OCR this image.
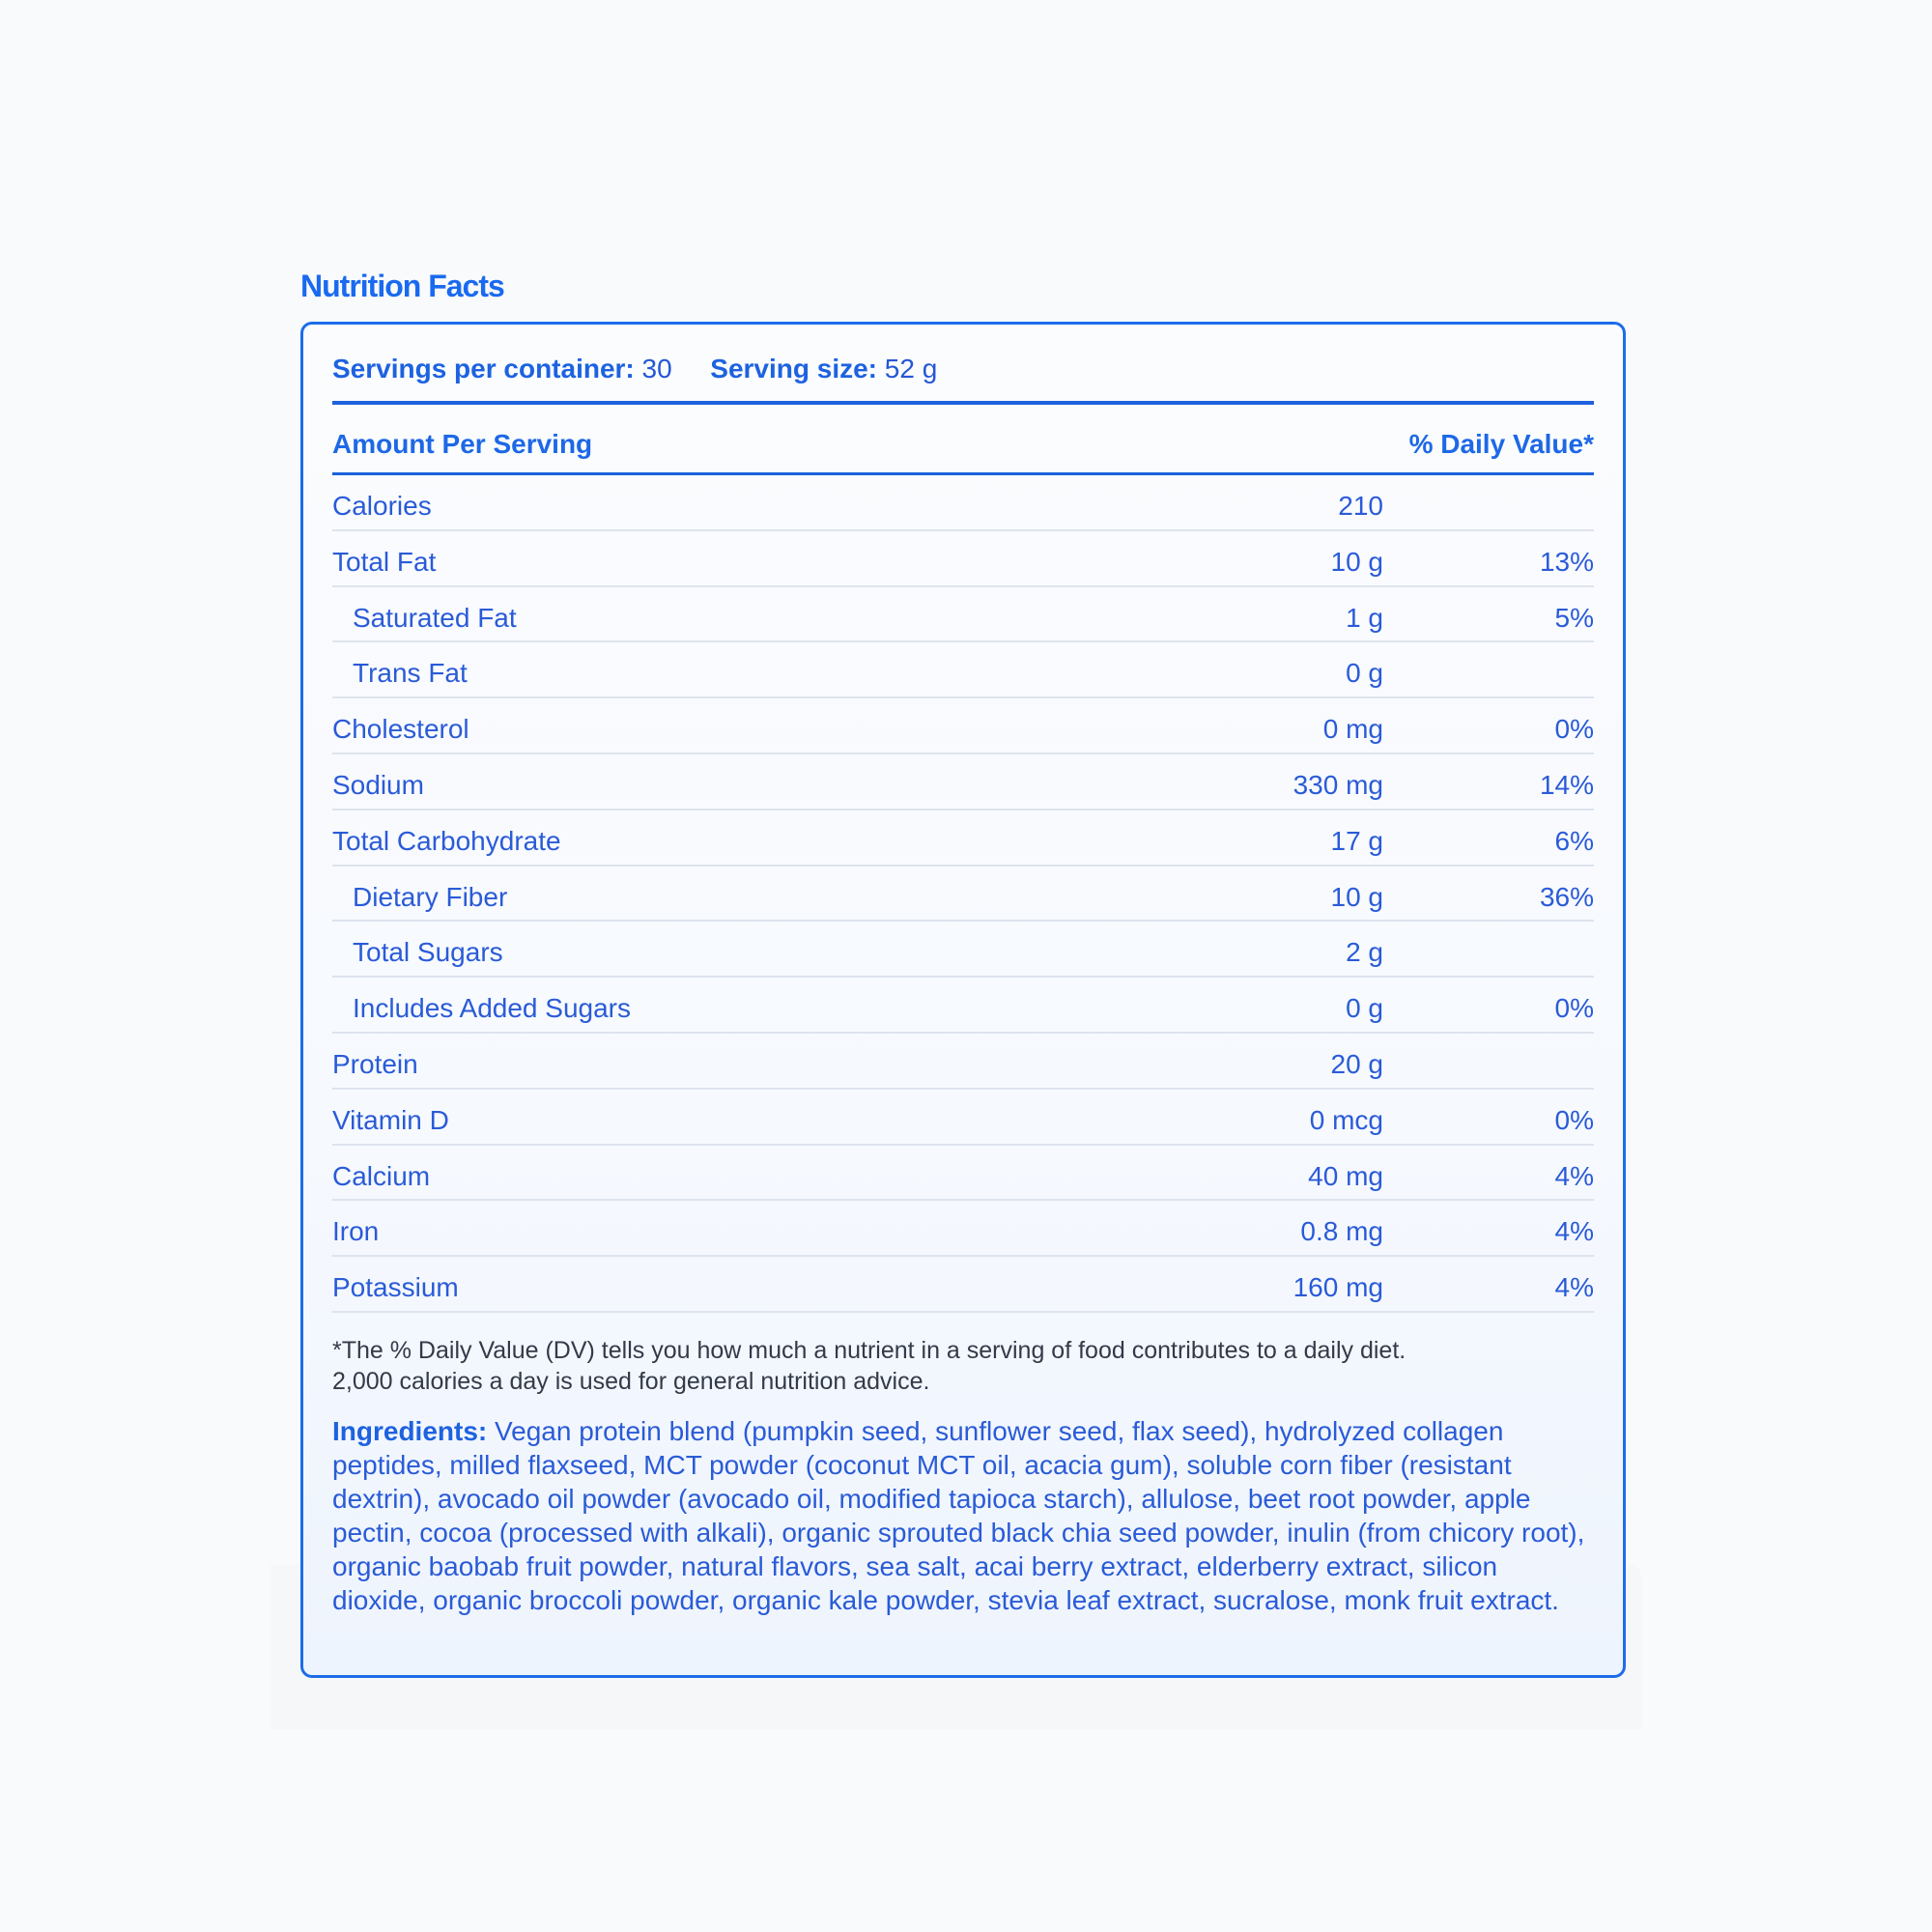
Nutrition Facts
Servings per container: 30 Serving size: 52 g
Amount Per Serving	% Daily Value*
Calories	210
Total Fat	10 g	13%
Saturated Fat	1 g	5%
Trans Fat	0 g
Cholesterol	0 mg	0%
Sodium	330 mg	14%
Total Carbohydrate	17 g	6%
Dietary Fiber	10 g	36%
Total Sugars	2 g
Includes Added Sugars	0 g	0%
Protein	20 g
Vitamin D	0 mcg	0%
Calcium	40 mg	4%
Iron	0.8 mg	4%
Potassium	160 mg	4%
*The % Daily Value (DV) tells you how much a nutrient in a serving of food contributes to a daily diet.
2,000 calories a day is used for general nutrition advice.
Ingredients: Vegan protein blend (pumpkin seed, sunflower seed, flax seed), hydrolyzed collagen peptides, milled flaxseed, MCT powder (coconut MCT oil, acacia gum), soluble corn fiber (resistant dextrin), avocado oil powder (avocado oil, modified tapioca starch), allulose, beet root powder, apple pectin, cocoa (processed with alkali), organic sprouted black chia seed powder, inulin (from chicory root), organic baobab fruit powder, natural flavors, sea salt, acai berry extract, elderberry extract, silicon dioxide, organic broccoli powder, organic kale powder, stevia leaf extract, sucralose, monk fruit extract.
